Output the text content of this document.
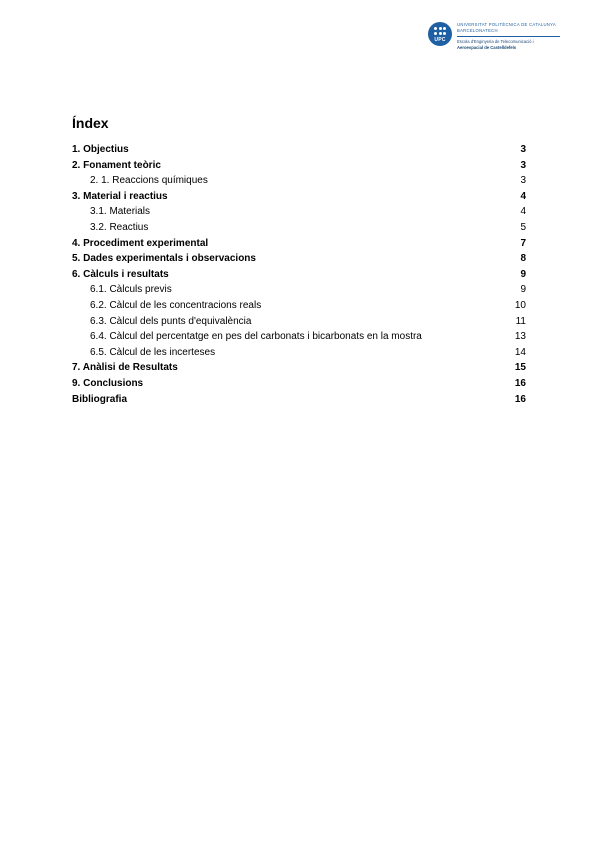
UPC
UNIVERSITAT POLITÈCNICA DE CATALUNYA
BARCELONATECH
Escola d'Enginyeria de Telecomunicació i
Aeroespacial de Castelldefels
Índex
1. Objectius	3
2. Fonament teòric	3
2. 1. Reaccions químiques	3
3. Material i reactius	4
3.1. Materials	4
3.2. Reactius	5
4. Procediment experimental	7
5. Dades experimentals i observacions	8
6. Càlculs i resultats	9
6.1. Càlculs previs	9
6.2. Càlcul de les concentracions reals	10
6.3. Càlcul dels punts d'equivalència	11
6.4. Càlcul del percentatge en pes del carbonats i bicarbonats en la mostra	13
6.5. Càlcul de les incerteses	14
7. Anàlisi de Resultats	15
9. Conclusions	16
Bibliografia	16
